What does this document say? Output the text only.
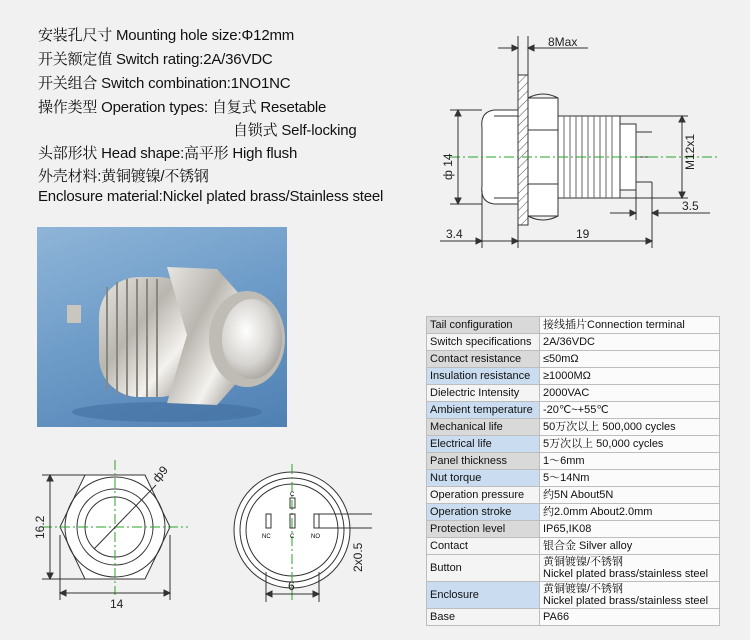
安装孔尺寸 Mounting hole size:Φ12mm
开关额定值 Switch rating:2A/36VDC
开关组合 Switch combination:1NO1NC
操作类型 Operation types: 自复式 Resetable
自锁式 Self-locking
头部形状 Head shape:高平形 High flush
外壳材料:黄铜镀镍/不锈钢
Enclosure material:Nickel plated brass/Stainless steel
8Max
ф 14	M12x1
3.5
3.4	19
16.2
14
ф9
NC	C	NO
C
2x0.5
6
Tail configuration	接线插片Connection terminal

Switch specifications	2A/36VDC

Contact resistance	≤50mΩ

Insulation resistance	≥1000MΩ

Dielectric Intensity	2000VAC

Ambient temperature	-20℃~+55℃

Mechanical life	50万次以上 500,000 cycles

Electrical life	5万次以上 50,000 cycles

Panel thickness	1～6mm

Nut torque	5～14Nm

Operation pressure	约5N About5N

Operation stroke	约2.0mm About2.0mm

Protection level	IP65,IK08

Contact	银合金 Silver alloy

Button	黄铜镀镍/不锈钢
Nickel plated brass/stainless steel

Enclosure	黄铜镀镍/不锈钢
Nickel plated brass/stainless steel

Base	PA66
